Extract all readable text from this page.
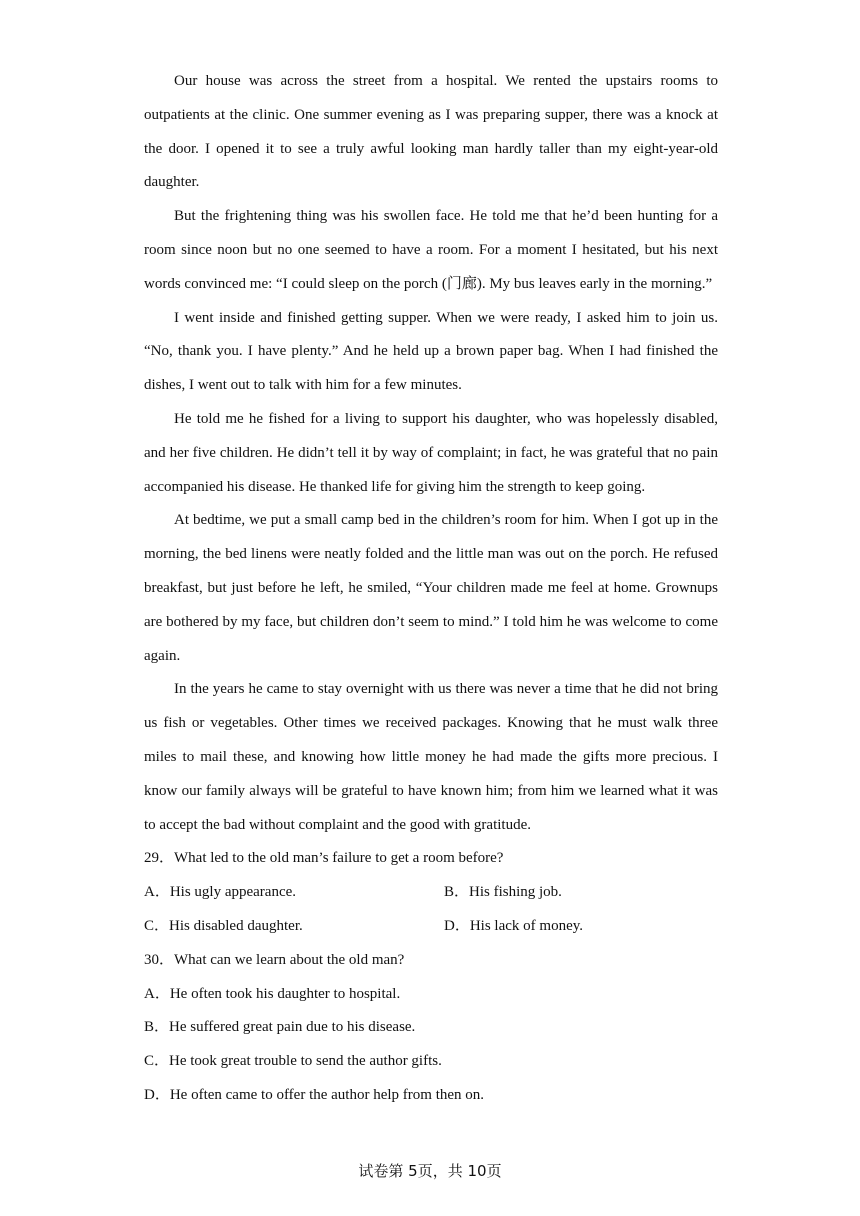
Our house was across the street from a hospital. We rented the upstairs rooms to outpatients at the clinic. One summer evening as I was preparing supper, there was a knock at the door. I opened it to see a truly awful looking man hardly taller than my eight-year-old daughter.

But the frightening thing was his swollen face. He told me that he’d been hunting for a room since noon but no one seemed to have a room. For a moment I hesitated, but his next words convinced me: “I could sleep on the porch (门廊). My bus leaves early in the morning.”

I went inside and finished getting supper. When we were ready, I asked him to join us. “No, thank you. I have plenty.” And he held up a brown paper bag. When I had finished the dishes, I went out to talk with him for a few minutes.

He told me he fished for a living to support his daughter, who was hopelessly disabled, and her five children. He didn’t tell it by way of complaint; in fact, he was grateful that no pain accompanied his disease. He thanked life for giving him the strength to keep going.

At bedtime, we put a small camp bed in the children’s room for him. When I got up in the morning, the bed linens were neatly folded and the little man was out on the porch. He refused breakfast, but just before he left, he smiled, “Your children made me feel at home. Grownups are bothered by my face, but children don’t seem to mind.” I told him he was welcome to come again.

In the years he came to stay overnight with us there was never a time that he did not bring us fish or vegetables. Other times we received packages. Knowing that he must walk three miles to mail these, and knowing how little money he had made the gifts more precious. I know our family always will be grateful to have known him; from him we learned what it was to accept the bad without complaint and the good with gratitude.

29．What led to the old man’s failure to get a room before?

A．His ugly appearance.	B．His fishing job.
C．His disabled daughter.	D．His lack of money.

30．What can we learn about the old man?

A．He often took his daughter to hospital.

B．He suffered great pain due to his disease.

C．He took great trouble to send the author gifts.

D．He often came to offer the author help from then on.

试卷第 5页，共 10页
